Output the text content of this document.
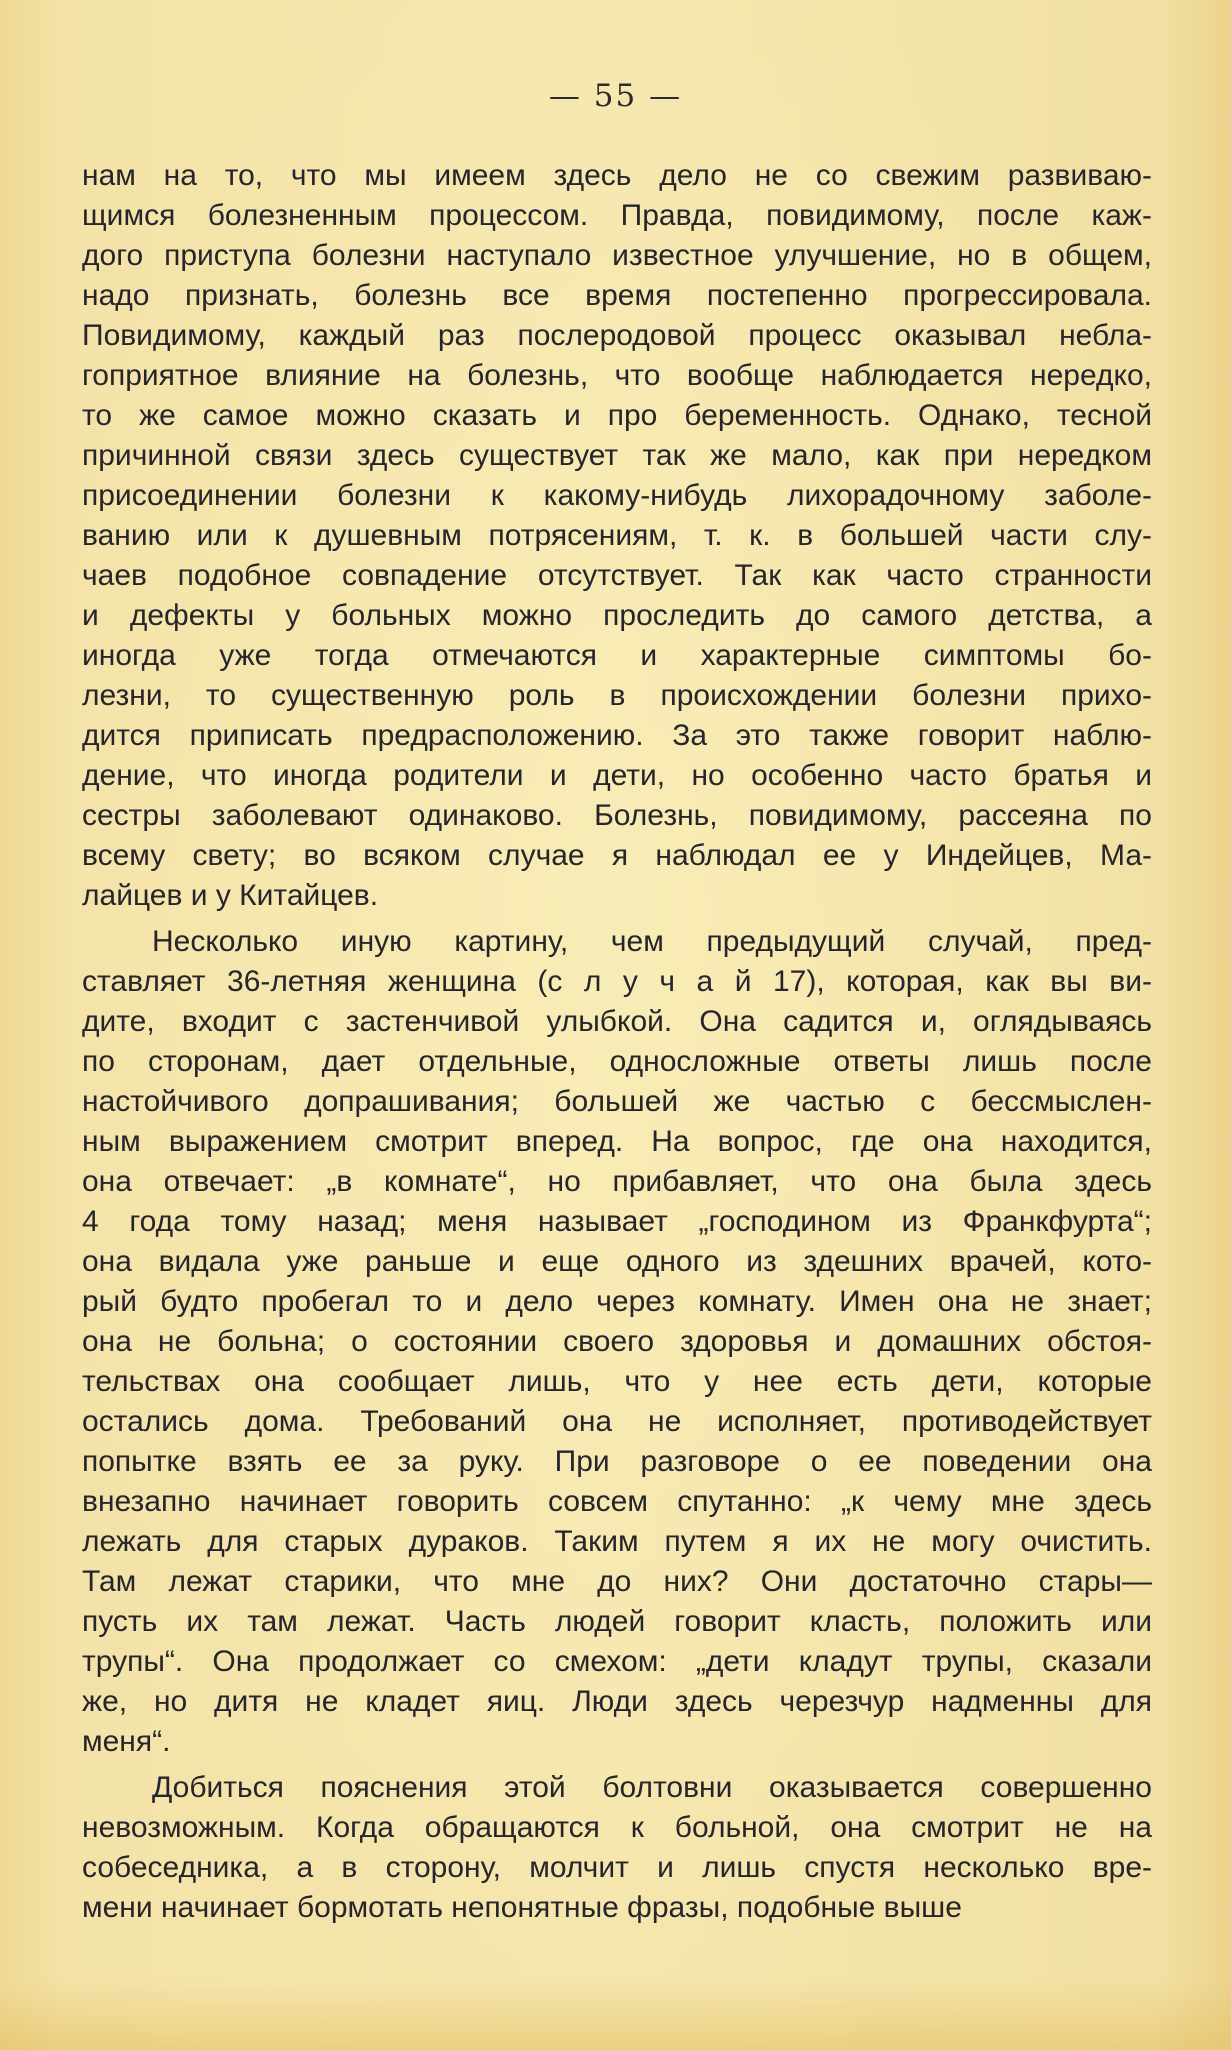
— 55 —
нам на то, что мы имеем здесь дело не со свежим развиваю-
щимся болезненным процессом. Правда, повидимому, после каж-
дого приступа болезни наступало известное улучшение, но в общем,
надо признать, болезнь все время постепенно прогрессировала.
Повидимому, каждый раз послеродовой процесс оказывал небла-
гоприятное влияние на болезнь, что вообще наблюдается нередко,
то же самое можно сказать и про беременность. Однако, тесной
причинной связи здесь существует так же мало, как при нередком
присоединении болезни к какому-нибудь лихорадочному заболе-
ванию или к душевным потрясениям, т. к. в большей части слу-
чаев подобное совпадение отсутствует. Так как часто странности
и дефекты у больных можно проследить до самого детства, а
иногда уже тогда отмечаются и характерные симптомы бо-
лезни, то существенную роль в происхождении болезни прихо-
дится приписать предрасположению. За это также говорит наблю-
дение, что иногда родители и дети, но особенно часто братья и
сестры заболевают одинаково. Болезнь, повидимому, рассеяна по
всему свету; во всяком случае я наблюдал ее у Индейцев, Ма-
лайцев и у Китайцев.
Несколько иную картину, чем предыдущий случай, пред-
ставляет 36-летняя женщина (с л у ч а й 17), которая, как вы ви-
дите, входит с застенчивой улыбкой. Она садится и, оглядываясь
по сторонам, дает отдельные, односложные ответы лишь после
настойчивого допрашивания; большей же частью с бессмыслен-
ным выражением смотрит вперед. На вопрос, где она находится,
она отвечает: „в комнате“, но прибавляет, что она была здесь
4 года тому назад; меня называет „господином из Франкфурта“;
она видала уже раньше и еще одного из здешних врачей, кото-
рый будто пробегал то и дело через комнату. Имен она не знает;
она не больна; о состоянии своего здоровья и домашних обстоя-
тельствах она сообщает лишь, что у нее есть дети, которые
остались дома. Требований она не исполняет, противодействует
попытке взять ее за руку. При разговоре о ее поведении она
внезапно начинает говорить совсем спутанно: „к чему мне здесь
лежать для старых дураков. Таким путем я их не могу очистить.
Там лежат старики, что мне до них? Они достаточно стары—
пусть их там лежат. Часть людей говорит класть, положить или
трупы“. Она продолжает со смехом: „дети кладут трупы, сказали
же, но дитя не кладет яиц. Люди здесь черезчур надменны для
меня“.
Добиться пояснения этой болтовни оказывается совершенно
невозможным. Когда обращаются к больной, она смотрит не на
собеседника, а в сторону, молчит и лишь спустя несколько вре-
мени начинает бормотать непонятные фразы, подобные выше
